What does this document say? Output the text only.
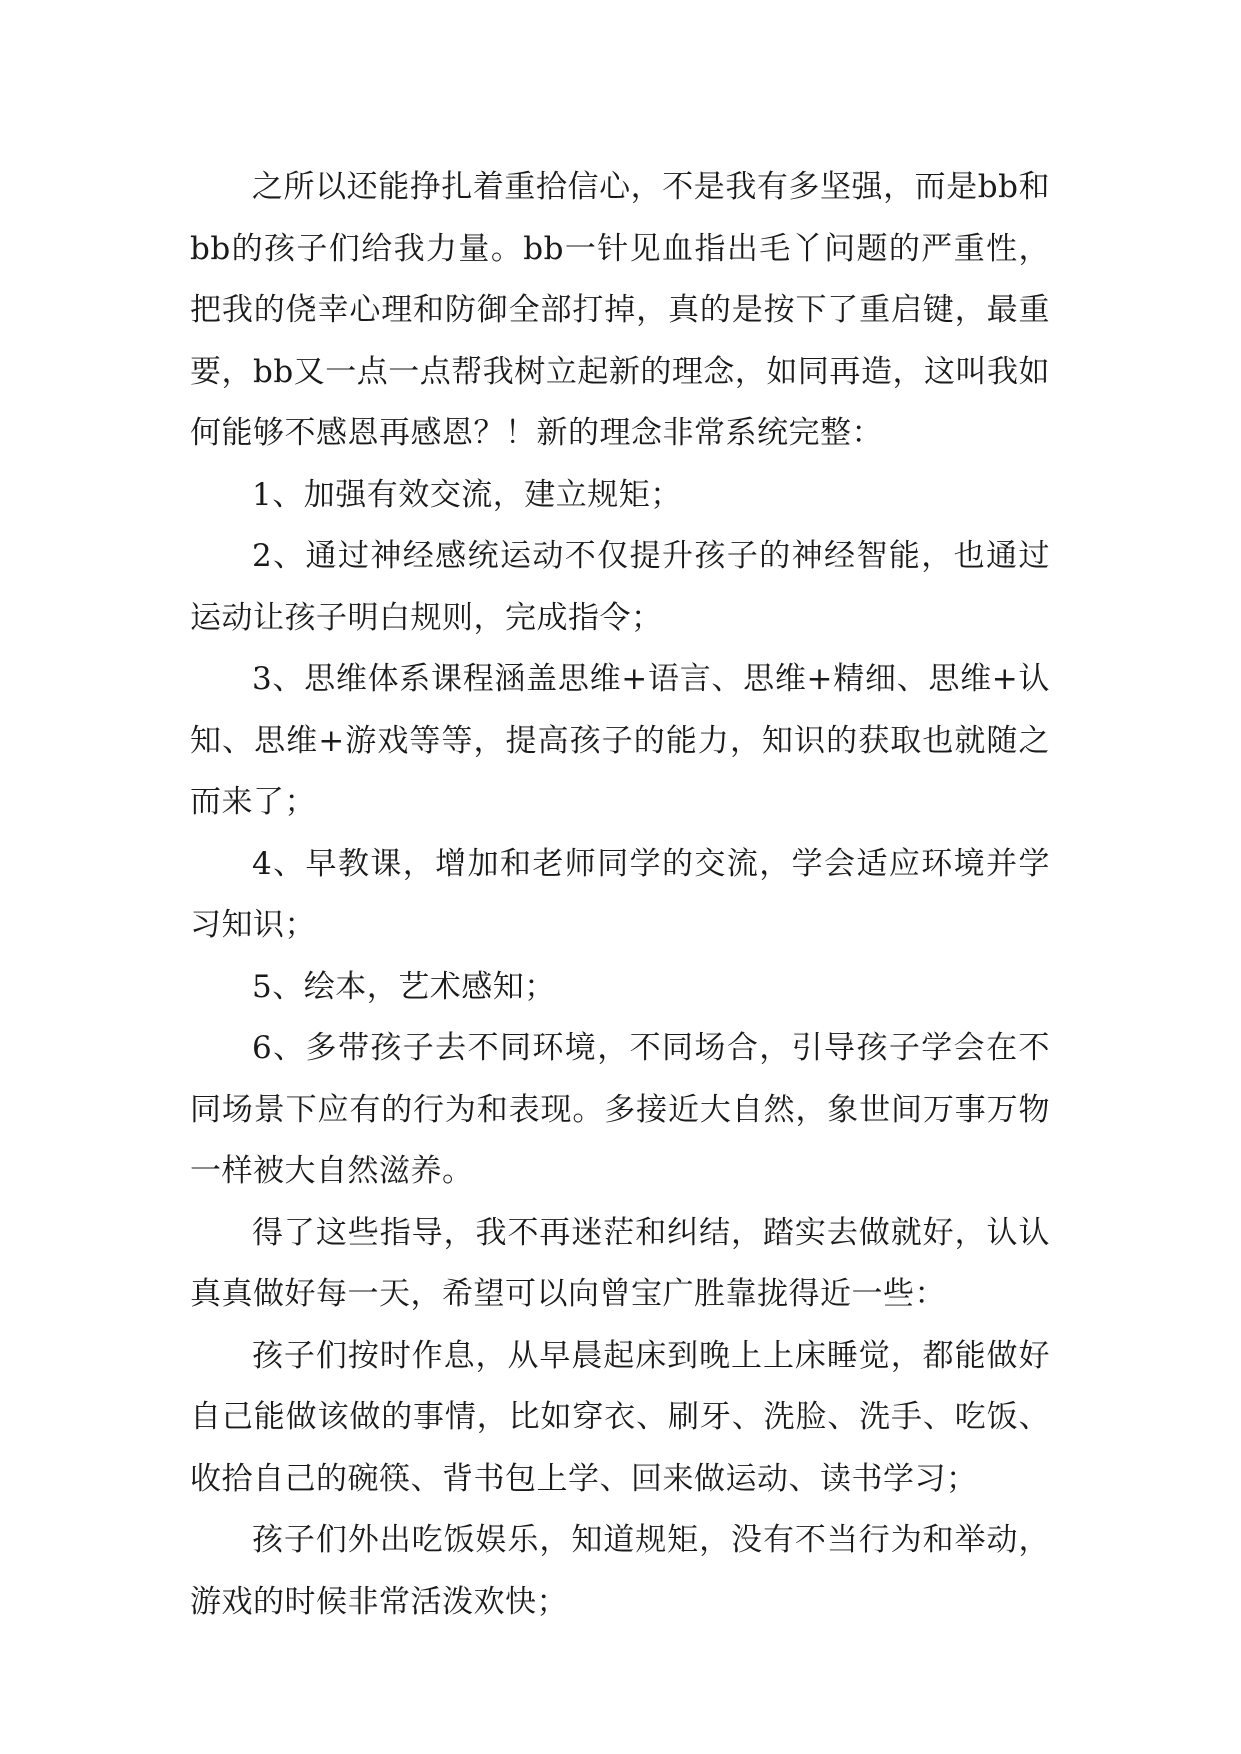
之所以还能挣扎着重拾信心，不是我有多坚强，而是bb和bb的孩子们给我力量。bb一针见血指出毛丫问题的严重性，把我的侥幸心理和防御全部打掉，真的是按下了重启键，最重要，bb又一点一点帮我树立起新的理念，如同再造，这叫我如何能够不感恩再感恩？！新的理念非常系统完整：

1、加强有效交流，建立规矩；

2、通过神经感统运动不仅提升孩子的神经智能，也通过运动让孩子明白规则，完成指令；

3、思维体系课程涵盖思维+语言、思维+精细、思维+认知、思维+游戏等等，提高孩子的能力，知识的获取也就随之而来了；

4、早教课，增加和老师同学的交流，学会适应环境并学习知识；

5、绘本，艺术感知；

6、多带孩子去不同环境，不同场合，引导孩子学会在不同场景下应有的行为和表现。多接近大自然，象世间万事万物一样被大自然滋养。

得了这些指导，我不再迷茫和纠结，踏实去做就好，认认真真做好每一天，希望可以向曾宝广胜靠拢得近一些：

孩子们按时作息，从早晨起床到晚上上床睡觉，都能做好自己能做该做的事情，比如穿衣、刷牙、洗脸、洗手、吃饭、收拾自己的碗筷、背书包上学、回来做运动、读书学习；

孩子们外出吃饭娱乐，知道规矩，没有不当行为和举动，游戏的时候非常活泼欢快；
